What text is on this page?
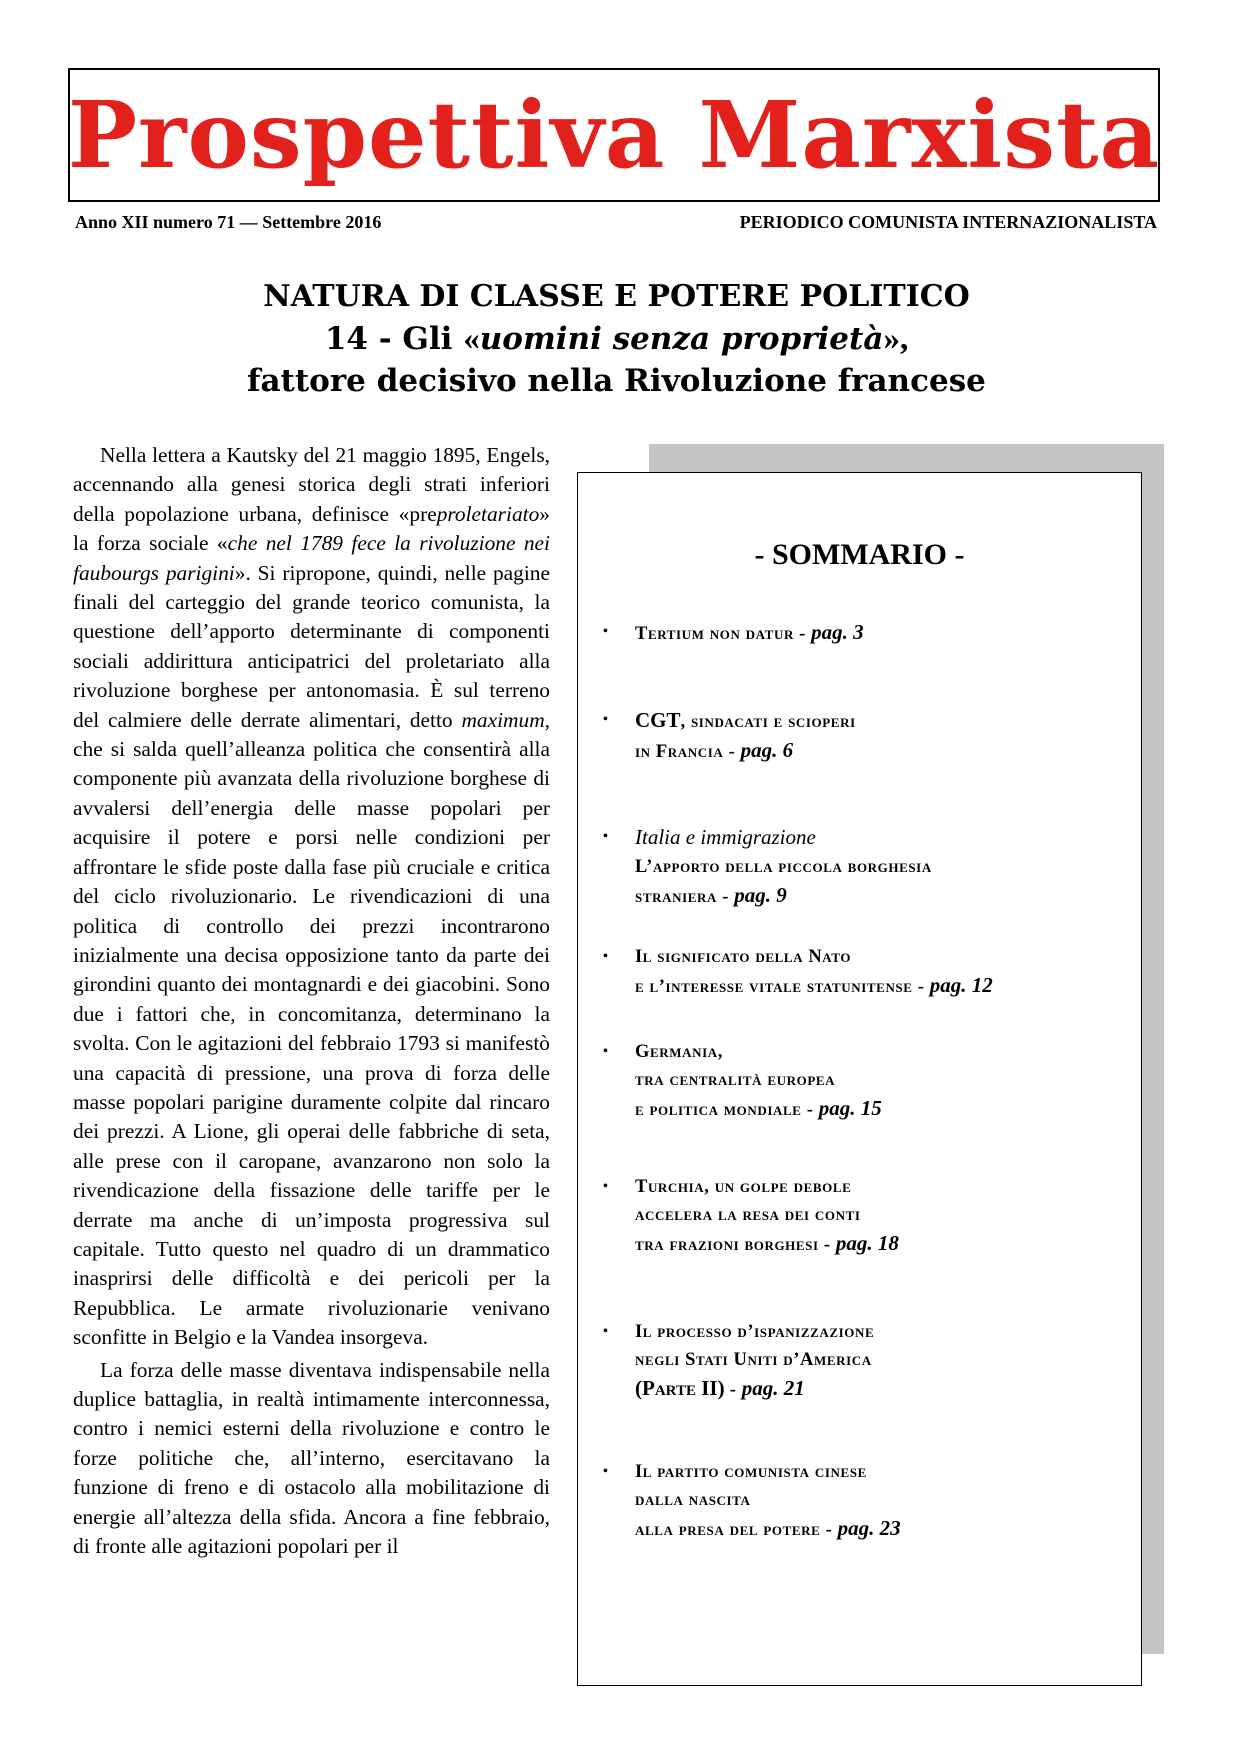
Prospettiva Marxista
Anno XII numero 71 — Settembre 2016	PERIODICO COMUNISTA INTERNAZIONALISTA
NATURA DI CLASSE E POTERE POLITICO
14 - Gli «uomini senza proprietà»,
fattore decisivo nella Rivoluzione francese

Nella lettera a Kautsky del 21 maggio 1895, Engels, accennando alla genesi storica degli strati inferiori della popolazione urbana, definisce «preproletariato» la forza sociale «che nel 1789 fece la rivoluzione nei faubourgs parigini». Si ripropone, quindi, nelle pagine finali del carteggio del grande teorico comunista, la questione dell’apporto determinante di componenti sociali addirittura anticipatrici del proletariato alla rivoluzione borghese per antonomasia. È sul terreno del calmiere delle derrate alimentari, detto maximum, che si salda quell’alleanza politica che consentirà alla componente più avanzata della rivoluzione borghese di avvalersi dell’energia delle masse popolari per acquisire il potere e porsi nelle condizioni per affrontare le sfide poste dalla fase più cruciale e critica del ciclo rivoluzionario. Le rivendicazioni di una politica di controllo dei prezzi incontrarono inizialmente una decisa opposizione tanto da parte dei girondini quanto dei montagnardi e dei giacobini. Sono due i fattori che, in concomitanza, determinano la svolta. Con le agitazioni del febbraio 1793 si manifestò una capacità di pressione, una prova di forza delle masse popolari parigine duramente colpite dal rincaro dei prezzi. A Lione, gli operai delle fabbriche di seta, alle prese con il caropane, avanzarono non solo la rivendicazione della fissazione delle tariffe per le derrate ma anche di un’imposta progressiva sul capitale. Tutto questo nel quadro di un drammatico inasprirsi delle difficoltà e dei pericoli per la Repubblica. Le armate rivoluzionarie venivano sconfitte in Belgio e la Vandea insorgeva.

La forza delle masse diventava indispensabile nella duplice battaglia, in realtà intimamente interconnessa, contro i nemici esterni della rivoluzione e contro le forze politiche che, all’interno, esercitavano la funzione di freno e di ostacolo alla mobilitazione di energie all’altezza della sfida. Ancora a fine febbraio, di fronte alle agitazioni popolari per il

- SOMMARIO -
• Tertium non datur - pag. 3
• CGT, sindacati e scioperi
in Francia - pag. 6
• Italia e immigrazione
L’apporto della piccola borghesia
straniera - pag. 9
• Il significato della Nato
e l’interesse vitale statunitense - pag. 12
• Germania,
tra centralità europea
e politica mondiale - pag. 15
• Turchia, un golpe debole
accelera la resa dei conti
tra frazioni borghesi - pag. 18
• Il processo d’ispanizzazione
negli Stati Uniti d’America
(Parte II) - pag. 21
• Il partito comunista cinese
dalla nascita
alla presa del potere - pag. 23
